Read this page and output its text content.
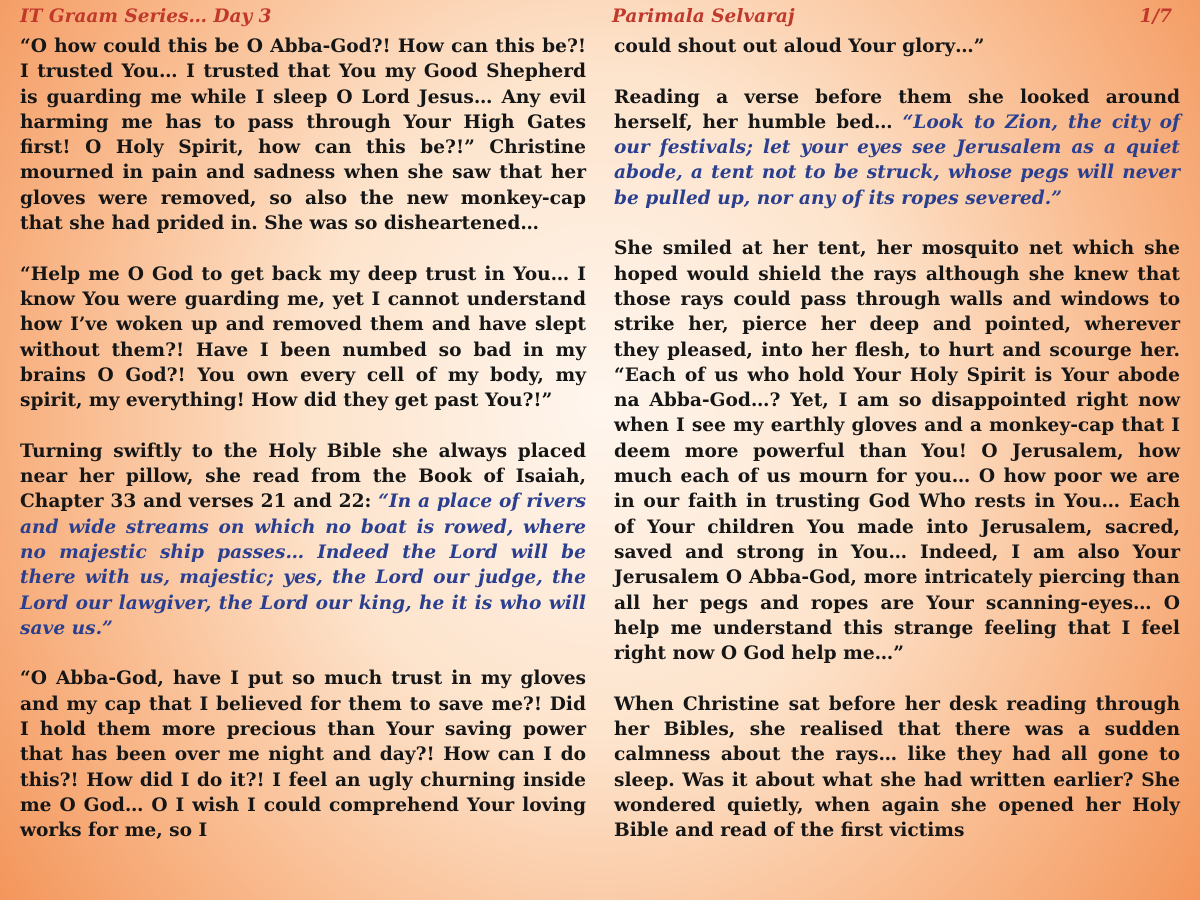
IT Graam Series… Day 3	Parimala Selvaraj	1/7

“O how could this be O Abba-God?! How can this be?! I trusted You… I trusted that You my Good Shepherd is guarding me while I sleep O Lord Jesus… Any evil harming me has to pass through Your High Gates first! O Holy Spirit, how can this be?!” Christine mourned in pain and sadness when she saw that her gloves were removed, so also the new monkey-cap that she had prided in. She was so disheartened…

“Help me O God to get back my deep trust in You… I know You were guarding me, yet I cannot understand how I’ve woken up and removed them and have slept without them?! Have I been numbed so bad in my brains O God?! You own every cell of my body, my spirit, my everything! How did they get past You?!”

Turning swiftly to the Holy Bible she always placed near her pillow, she read from the Book of Isaiah, Chapter 33 and verses 21 and 22: “In a place of rivers and wide streams on which no boat is rowed, where no majestic ship passes… Indeed the Lord will be there with us, majestic; yes, the Lord our judge, the Lord our lawgiver, the Lord our king, he it is who will save us.”

“O Abba-God, have I put so much trust in my gloves and my cap that I believed for them to save me?! Did I hold them more precious than Your saving power that has been over me night and day?! How can I do this?! How did I do it?! I feel an ugly churning inside me O God… O I wish I could comprehend Your loving works for me, so I

could shout out aloud Your glory…”

Reading a verse before them she looked around herself, her humble bed… “Look to Zion, the city of our festivals; let your eyes see Jerusalem as a quiet abode, a tent not to be struck, whose pegs will never be pulled up, nor any of its ropes severed.”

She smiled at her tent, her mosquito net which she hoped would shield the rays although she knew that those rays could pass through walls and windows to strike her, pierce her deep and pointed, wherever they pleased, into her flesh, to hurt and scourge her. “Each of us who hold Your Holy Spirit is Your abode na Abba-God…? Yet, I am so disappointed right now when I see my earthly gloves and a monkey-cap that I deem more powerful than You! O Jerusalem, how much each of us mourn for you… O how poor we are in our faith in trusting God Who rests in You… Each of Your children You made into Jerusalem, sacred, saved and strong in You… Indeed, I am also Your Jerusalem O Abba-God, more intricately piercing than all her pegs and ropes are Your scanning-eyes… O help me understand this strange feeling that I feel right now O God help me…”

When Christine sat before her desk reading through her Bibles, she realised that there was a sudden calmness about the rays… like they had all gone to sleep. Was it about what she had written earlier? She wondered quietly, when again she opened her Holy Bible and read of the first victims
